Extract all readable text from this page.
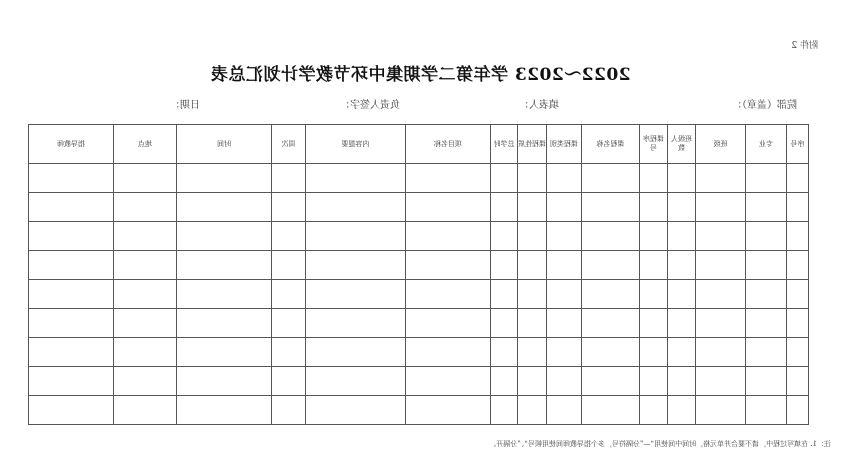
附件 2
2022～2023 学年第二学期集中环节教学计划汇总表
院部（盖章）：
填表人：
负责人签字：
日期：
序号	专业	班级	班级人数	课程序号	课程名称	课程类别	课程性质	总学时	项目名称	内容提要	周次	时间	地点	指导教师

注：1. 在填写过程中，请不要合并单元格，时间中间使用“—”分隔符号，多个指导教师间使用顿号“、”分隔开。
